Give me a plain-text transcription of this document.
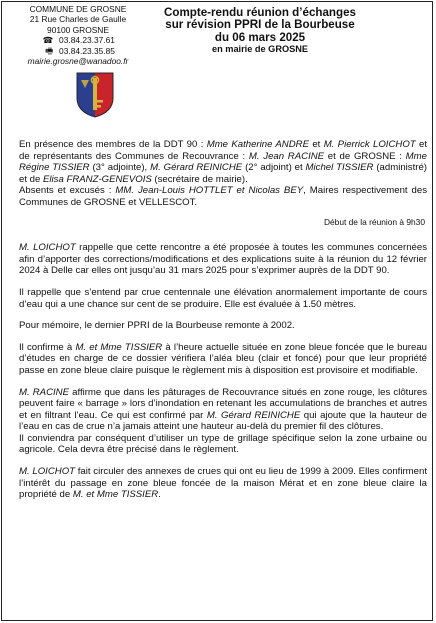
COMMUNE DE GROSNE
21 Rue Charles de Gaulle
90100 GROSNE
☎ 03.84.23.37.61
🖷 03.84.23.35.85
mairie.grosne@wanadoo.fr
Compte-rendu réunion d’échanges
sur révision PPRI de la Bourbeuse
du 06 mars 2025
en mairie de GROSNE

En présence des membres de la DDT 90 : Mme Katherine ANDRE et M. Pierrick LOICHOT et de représentants des Communes de Recouvrance : M. Jean RACINE et de GROSNE : Mme Régine TISSIER (3° adjointe), M. Gérard REINICHE (2° adjoint) et Michel TISSIER (administré) et de Elisa FRANZ-GENEVOIS (secrétaire de mairie).

Absents et excusés : MM. Jean-Louis HOTTLET et Nicolas BEY, Maires respectivement des Communes de GROSNE et VELLESCOT.

Début de la réunion à 9h30

M. LOICHOT rappelle que cette rencontre a été proposée à toutes les communes concernées afin d’apporter des corrections/modifications et des explications suite à la réunion du 12 février 2024 à Delle car elles ont jusqu’au 31 mars 2025 pour s’exprimer auprès de la DDT 90.

Il rappelle que s’entend par crue centennale une élévation anormalement importante de cours d’eau qui a une chance sur cent de se produire. Elle est évaluée à 1.50 mètres.

Pour mémoire, le dernier PPRI de la Bourbeuse remonte à 2002.

Il confirme à M. et Mme TISSIER à l’heure actuelle située en zone bleue foncée que le bureau d’études en charge de ce dossier vérifiera l’aléa bleu (clair et foncé) pour que leur propriété passe en zone bleue claire puisque le règlement mis à disposition est provisoire et modifiable.

M. RACINE affirme que dans les pâturages de Recouvrance situés en zone rouge, les clôtures peuvent faire « barrage » lors d’inondation en retenant les accumulations de branches et autres et en filtrant l’eau. Ce qui est confirmé par M. Gérard REINICHE qui ajoute que la hauteur de l’eau en cas de crue n’a jamais atteint une hauteur au-delà du premier fil des clôtures.

Il conviendra par conséquent d’utiliser un type de grillage spécifique selon la zone urbaine ou agricole. Cela devra être précisé dans le règlement.

M. LOICHOT fait circuler des annexes de crues qui ont eu lieu de 1999 à 2009. Elles confirment l’intérêt du passage en zone bleue foncée de la maison Mérat et en zone bleue claire la propriété de M. et Mme TISSIER.
